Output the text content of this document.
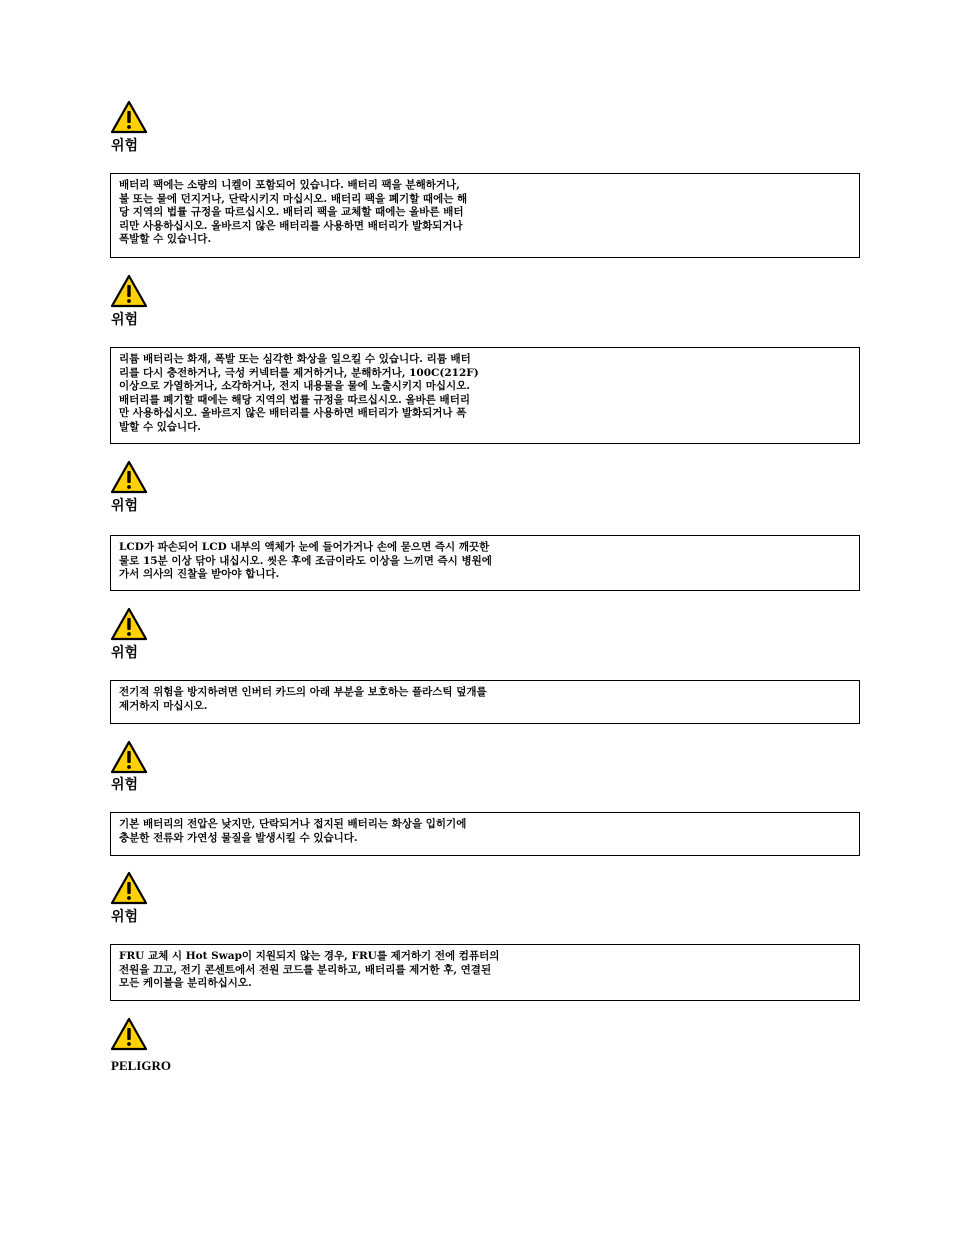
위험
배터리 팩에는 소량의 니켈이 포함되어 있습니다. 배터리 팩을 분해하거나,
불 또는 물에 던지거나, 단락시키지 마십시오. 배터리 팩을 폐기할 때에는 해
당 지역의 법률 규정을 따르십시오. 배터리 팩을 교체할 때에는 올바른 배터
리만 사용하십시오. 올바르지 않은 배터리를 사용하면 배터리가 발화되거나
폭발할 수 있습니다.
위험
리튬 배터리는 화재, 폭발 또는 심각한 화상을 일으킬 수 있습니다. 리튬 배터
리를 다시 충전하거나, 극성 커넥터를 제거하거나, 분해하거나, 100C(212F)
이상으로 가열하거나, 소각하거나, 전지 내용물을 물에 노출시키지 마십시오.
배터리를 폐기할 때에는 해당 지역의 법률 규정을 따르십시오. 올바른 배터리
만 사용하십시오. 올바르지 않은 배터리를 사용하면 배터리가 발화되거나 폭
발할 수 있습니다.
위험
LCD가 파손되어 LCD 내부의 액체가 눈에 들어가거나 손에 묻으면 즉시 깨끗한
물로 15분 이상 닦아 내십시오. 씻은 후에 조금이라도 이상을 느끼면 즉시 병원에
가서 의사의 진찰을 받아야 합니다.
위험
전기적 위험을 방지하려면 인버터 카드의 아래 부분을 보호하는 플라스틱 덮개를
제거하지 마십시오.
위험
기본 배터리의 전압은 낮지만, 단락되거나 접지된 배터리는 화상을 입히기에
충분한 전류와 가연성 물질을 발생시킬 수 있습니다.
위험
FRU 교체 시 Hot Swap이 지원되지 않는 경우, FRU를 제거하기 전에 컴퓨터의
전원을 끄고, 전기 콘센트에서 전원 코드를 분리하고, 배터리를 제거한 후, 연결된
모든 케이블을 분리하십시오.
PELIGRO
